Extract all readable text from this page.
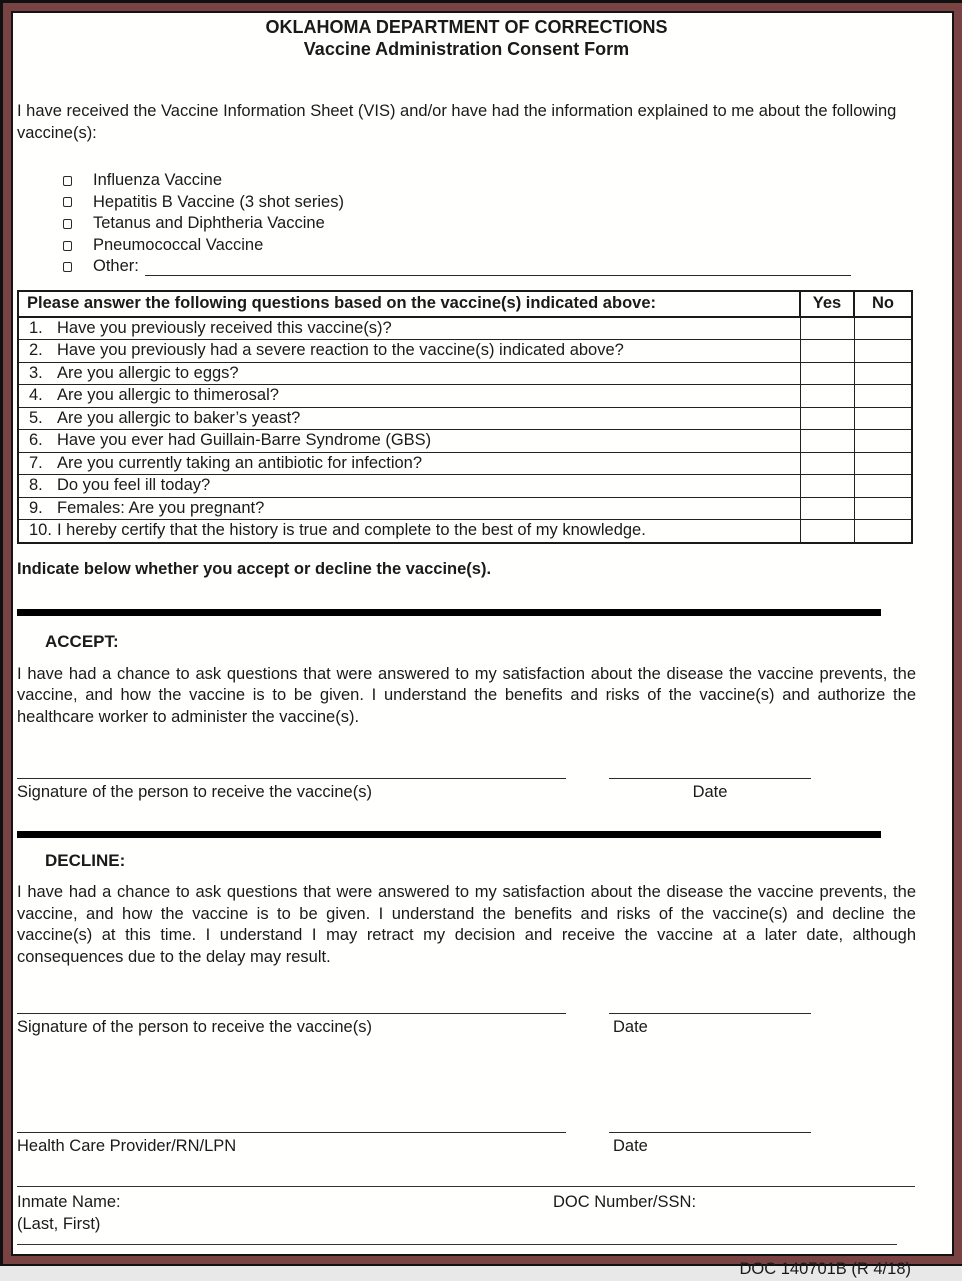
OKLAHOMA DEPARTMENT OF CORRECTIONS
Vaccine Administration Consent Form

I have received the Vaccine Information Sheet (VIS) and/or have had the information explained to me about the following vaccine(s):

Influenza Vaccine
Hepatitis B Vaccine (3 shot series)
Tetanus and Diphtheria Vaccine
Pneumococcal Vaccine
Other:
Please answer the following questions based on the vaccine(s) indicated above:	Yes	No
1. Have you previously received this vaccine(s)?		
2. Have you previously had a severe reaction to the vaccine(s) indicated above?		
3. Are you allergic to eggs?		
4. Are you allergic to thimerosal?		
5. Are you allergic to baker’s yeast?		
6. Have you ever had Guillain-Barre Syndrome (GBS)		
7. Are you currently taking an antibiotic for infection?		
8. Do you feel ill today?		
9. Females: Are you pregnant?		
10. I hereby certify that the history is true and complete to the best of my knowledge.		

Indicate below whether you accept or decline the vaccine(s).

ACCEPT:

I have had a chance to ask questions that were answered to my satisfaction about the disease the vaccine prevents, the vaccine, and how the vaccine is to be given. I understand the benefits and risks of the vaccine(s) and authorize the healthcare worker to administer the vaccine(s).

Signature of the person to receive the vaccine(s)	Date
DECLINE:

I have had a chance to ask questions that were answered to my satisfaction about the disease the vaccine prevents, the vaccine, and how the vaccine is to be given. I understand the benefits and risks of the vaccine(s) and decline the vaccine(s) at this time. I understand I may retract my decision and receive the vaccine at a later date, although consequences due to the delay may result.

Signature of the person to receive the vaccine(s)	Date
Health Care Provider/RN/LPN	Date
Inmate Name:
(Last, First)
DOC Number/SSN:
DOC 140701B (R 4/18)
